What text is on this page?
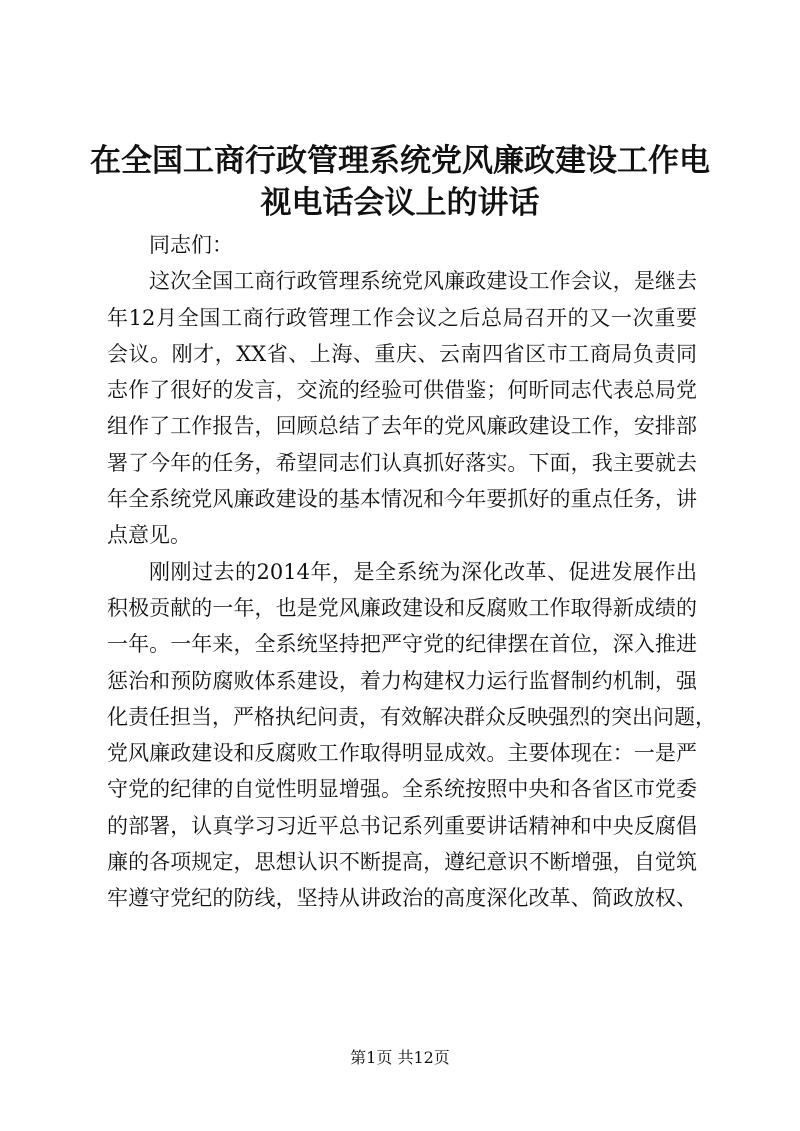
在全国工商行政管理系统党风廉政建设工作电
视电话会议上的讲话
同志们：
这次全国工商行政管理系统党风廉政建设工作会议，是继去
年12月全国工商行政管理工作会议之后总局召开的又一次重要
会议。刚才，XX省、上海、重庆、云南四省区市工商局负责同
志作了很好的发言，交流的经验可供借鉴；何昕同志代表总局党
组作了工作报告，回顾总结了去年的党风廉政建设工作，安排部
署了今年的任务，希望同志们认真抓好落实。下面，我主要就去
年全系统党风廉政建设的基本情况和今年要抓好的重点任务，讲
点意见。
刚刚过去的2014年，是全系统为深化改革、促进发展作出
积极贡献的一年，也是党风廉政建设和反腐败工作取得新成绩的
一年。一年来，全系统坚持把严守党的纪律摆在首位，深入推进
惩治和预防腐败体系建设，着力构建权力运行监督制约机制，强
化责任担当，严格执纪问责，有效解决群众反映强烈的突出问题，
党风廉政建设和反腐败工作取得明显成效。主要体现在：一是严
守党的纪律的自觉性明显增强。全系统按照中央和各省区市党委
的部署，认真学习习近平总书记系列重要讲话精神和中央反腐倡
廉的各项规定，思想认识不断提高，遵纪意识不断增强，自觉筑
牢遵守党纪的防线，坚持从讲政治的高度深化改革、简政放权、
第1页 共12页
